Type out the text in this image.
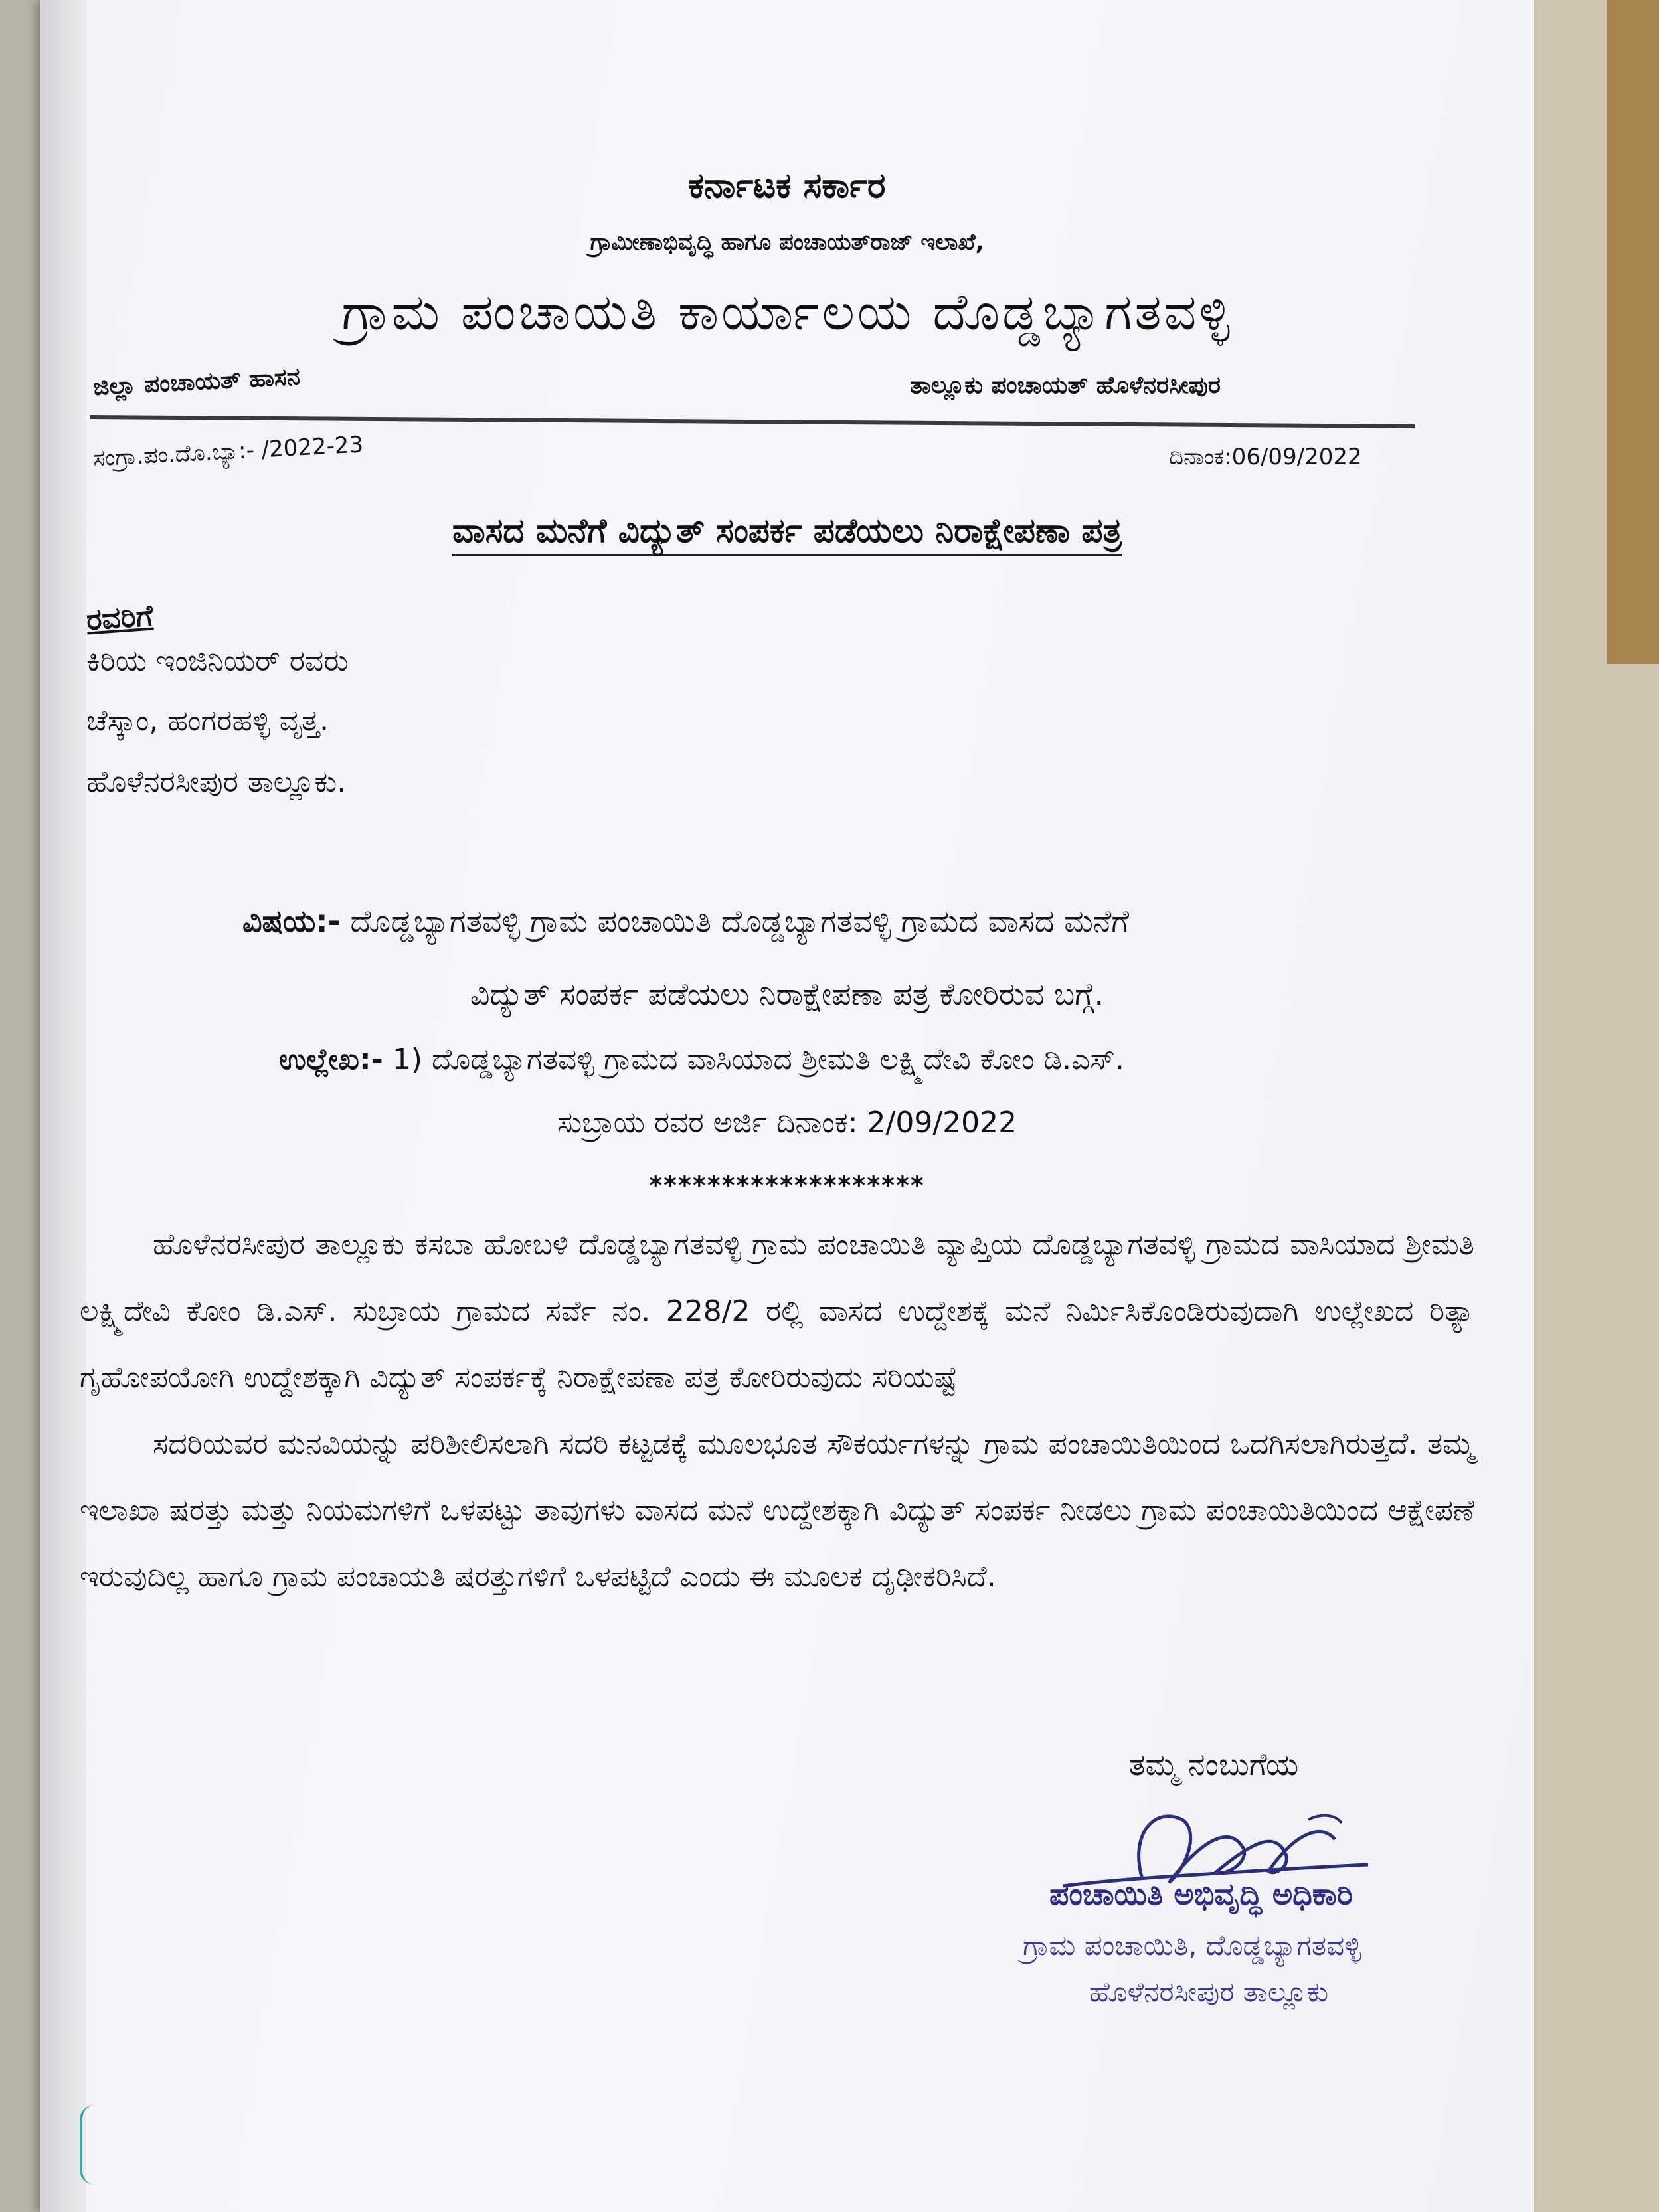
ಕರ್ನಾಟಕ ಸರ್ಕಾರ
ಗ್ರಾಮೀಣಾಭಿವೃದ್ಧಿ ಹಾಗೂ ಪಂಚಾಯತ್‌ರಾಜ್ ಇಲಾಖೆ,
ಗ್ರಾಮ ಪಂಚಾಯತಿ ಕಾರ್ಯಾಲಯ ದೊಡ್ಡಬ್ಯಾಗತವಳ್ಳಿ
ಜಿಲ್ಲಾ ಪಂಚಾಯತ್ ಹಾಸನ	ತಾಲ್ಲೂಕು ಪಂಚಾಯತ್ ಹೊಳೆನರಸೀಪುರ
ಸಂಗ್ರಾ.ಪಂ.ದೊ.ಬ್ಯಾ:- /2022-23	ದಿನಾಂಕ:06/09/2022
ವಾಸದ ಮನೆಗೆ ವಿದ್ಯುತ್ ಸಂಪರ್ಕ ಪಡೆಯಲು ನಿರಾಕ್ಷೇಪಣಾ ಪತ್ರ
ರವರಿಗೆ
ಕಿರಿಯ ಇಂಜಿನಿಯರ್ ರವರು
ಚೆಸ್ಕಾಂ, ಹಂಗರಹಳ್ಳಿ ವೃತ್ತ.
ಹೊಳೆನರಸೀಪುರ ತಾಲ್ಲೂಕು.
ವಿಷಯ:- ದೊಡ್ಡಬ್ಯಾಗತವಳ್ಳಿ ಗ್ರಾಮ ಪಂಚಾಯಿತಿ ದೊಡ್ಡಬ್ಯಾಗತವಳ್ಳಿ ಗ್ರಾಮದ ವಾಸದ ಮನೆಗೆ
ವಿದ್ಯುತ್ ಸಂಪರ್ಕ ಪಡೆಯಲು ನಿರಾಕ್ಷೇಪಣಾ ಪತ್ರ ಕೋರಿರುವ ಬಗ್ಗೆ.
ಉಲ್ಲೇಖ:- 1) ದೊಡ್ಡಬ್ಯಾಗತವಳ್ಳಿ ಗ್ರಾಮದ ವಾಸಿಯಾದ ಶ್ರೀಮತಿ ಲಕ್ಷ್ಮಿದೇವಿ ಕೋಂ ಡಿ.ಎಸ್.
ಸುಬ್ರಾಯ ರವರ ಅರ್ಜಿ ದಿನಾಂಕ: 2/09/2022
*******************

ಹೊಳೆನರಸೀಪುರ ತಾಲ್ಲೂಕು ಕಸಬಾ ಹೋಬಳಿ ದೊಡ್ಡಬ್ಯಾಗತವಳ್ಳಿ ಗ್ರಾಮ ಪಂಚಾಯಿತಿ ವ್ಯಾಪ್ತಿಯ ದೊಡ್ಡಬ್ಯಾಗತವಳ್ಳಿ ಗ್ರಾಮದ ವಾಸಿಯಾದ ಶ್ರೀಮತಿ ಲಕ್ಷ್ಮಿದೇವಿ ಕೋಂ ಡಿ.ಎಸ್. ಸುಬ್ರಾಯ ಗ್ರಾಮದ ಸರ್ವೆ ನಂ. 228/2 ರಲ್ಲಿ ವಾಸದ ಉದ್ದೇಶಕ್ಕೆ ಮನೆ ನಿರ್ಮಿಸಿಕೊಂಡಿರುವುದಾಗಿ ಉಲ್ಲೇಖದ ರಿತ್ಯಾ ಗೃಹೋಪಯೋಗಿ ಉದ್ದೇಶಕ್ಕಾಗಿ ವಿದ್ಯುತ್ ಸಂಪರ್ಕಕ್ಕೆ ನಿರಾಕ್ಷೇಪಣಾ ಪತ್ರ ಕೋರಿರುವುದು ಸರಿಯಷ್ಟೆ

ಸದರಿಯವರ ಮನವಿಯನ್ನು ಪರಿಶೀಲಿಸಲಾಗಿ ಸದರಿ ಕಟ್ಟಡಕ್ಕೆ ಮೂಲಭೂತ ಸೌಕರ್ಯಗಳನ್ನು ಗ್ರಾಮ ಪಂಚಾಯಿತಿಯಿಂದ ಒದಗಿಸಲಾಗಿರುತ್ತದೆ. ತಮ್ಮ ಇಲಾಖಾ ಷರತ್ತು ಮತ್ತು ನಿಯಮಗಳಿಗೆ ಒಳಪಟ್ಟು ತಾವುಗಳು ವಾಸದ ಮನೆ ಉದ್ದೇಶಕ್ಕಾಗಿ ವಿದ್ಯುತ್ ಸಂಪರ್ಕ ನೀಡಲು ಗ್ರಾಮ ಪಂಚಾಯಿತಿಯಿಂದ ಆಕ್ಷೇಪಣೆ ಇರುವುದಿಲ್ಲ ಹಾಗೂ ಗ್ರಾಮ ಪಂಚಾಯತಿ ಷರತ್ತುಗಳಿಗೆ ಒಳಪಟ್ಟಿದೆ ಎಂದು ಈ ಮೂಲಕ ದೃಢೀಕರಿಸಿದೆ.

ತಮ್ಮ ನಂಬುಗೆಯ
ಪಂಚಾಯಿತಿ ಅಭಿವೃದ್ಧಿ ಅಧಿಕಾರಿ
ಗ್ರಾಮ ಪಂಚಾಯಿತಿ, ದೊಡ್ಡಬ್ಯಾಗತವಳ್ಳಿ
ಹೊಳೆನರಸೀಪುರ ತಾಲ್ಲೂಕು
